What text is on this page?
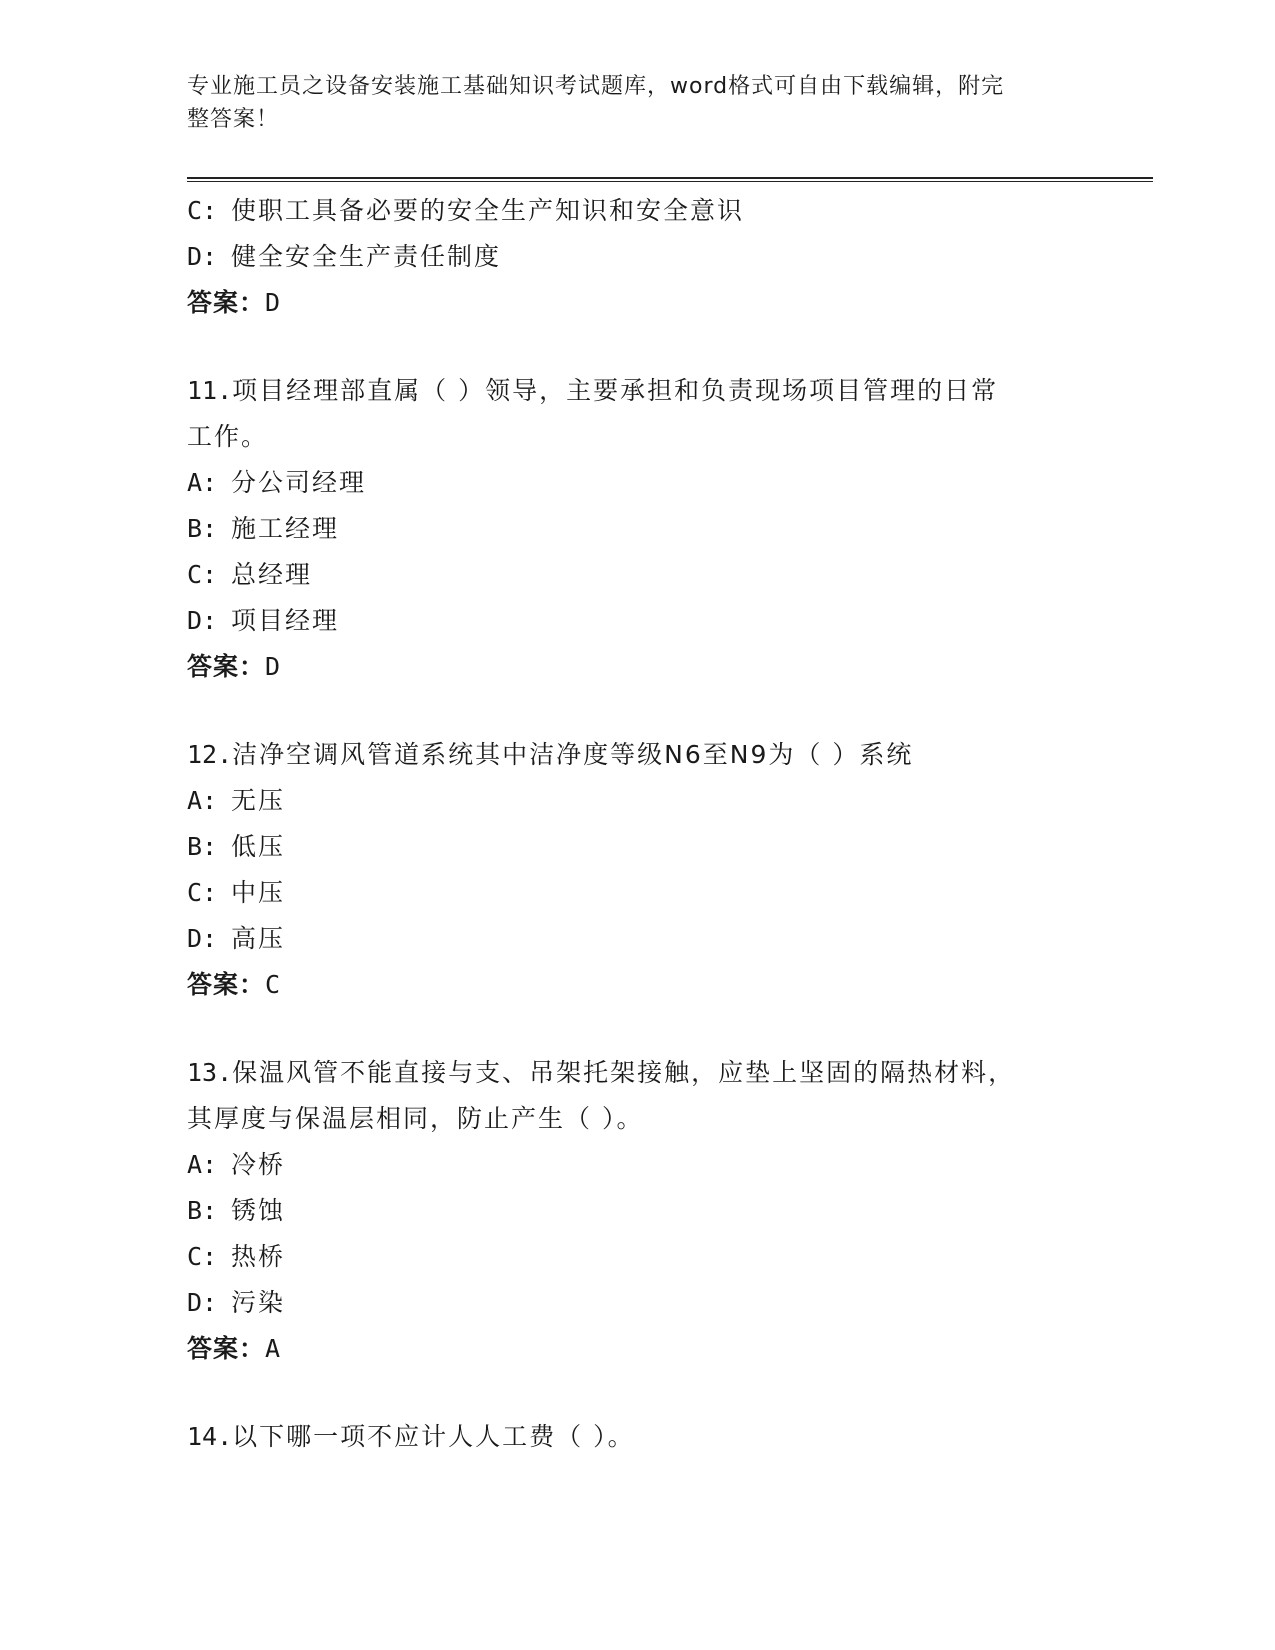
专业施工员之设备安装施工基础知识考试题库，word格式可自由下载编辑，附完
整答案！
C: 使职工具备必要的安全生产知识和安全意识
D: 健全安全生产责任制度
答案：D
11.项目经理部直属（ ）领导，主要承担和负责现场项目管理的日常
工作。
A: 分公司经理
B: 施工经理
C: 总经理
D: 项目经理
答案：D
12.洁净空调风管道系统其中洁净度等级N6至N9为（ ）系统
A: 无压
B: 低压
C: 中压
D: 高压
答案：C
13.保温风管不能直接与支、吊架托架接触，应垫上坚固的隔热材料，
其厚度与保温层相同，防止产生（ ）。
A: 冷桥
B: 锈蚀
C: 热桥
D: 污染
答案：A
14.以下哪一项不应计人人工费（ ）。
